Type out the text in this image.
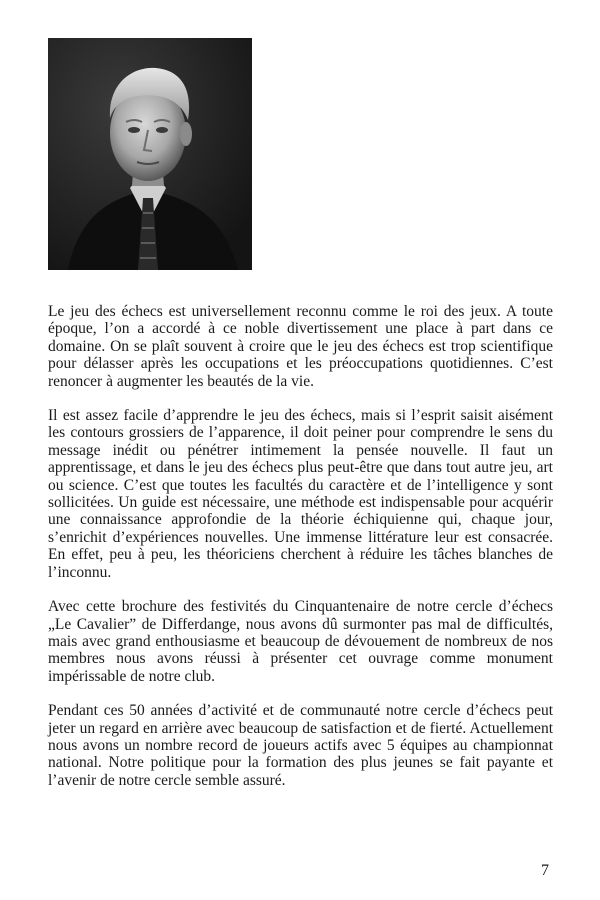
Le jeu des échecs est universellement reconnu comme le roi des jeux. A toute époque, l’on a accordé à ce noble divertissement une place à part dans ce domaine. On se plaît souvent à croire que le jeu des échecs est trop scientifique pour délasser après les occupations et les préoccupations quotidiennes. C’est renoncer à augmenter les beautés de la vie.

Il est assez facile d’apprendre le jeu des échecs, mais si l’esprit saisit aisément les contours grossiers de l’apparence, il doit peiner pour comprendre le sens du message inédit ou pénétrer intimement la pensée nouvelle. Il faut un apprentissage, et dans le jeu des échecs plus peut-être que dans tout autre jeu, art ou science. C’est que toutes les facultés du caractère et de l’intelligence y sont sollicitées. Un guide est nécessaire, une méthode est indispensable pour acquérir une connaissance approfondie de la théorie échiquienne qui, chaque jour, s’enrichit d’expériences nouvelles. Une immense littérature leur est consacrée. En effet, peu à peu, les théoriciens cherchent à réduire les tâches blanches de l’inconnu.

Avec cette brochure des festivités du Cinquantenaire de notre cercle d’échecs „Le Cavalier” de Differdange, nous avons dû surmonter pas mal de difficultés, mais avec grand enthousiasme et beaucoup de dévouement de nombreux de nos membres nous avons réussi à présenter cet ouvrage comme monument impérissable de notre club.

Pendant ces 50 années d’activité et de communauté notre cercle d’échecs peut jeter un regard en arrière avec beaucoup de satisfaction et de fierté. Actuellement nous avons un nombre record de joueurs actifs avec 5 équipes au championnat national. Notre politique pour la formation des plus jeunes se fait payante et l’avenir de notre cercle semble assuré.

7
